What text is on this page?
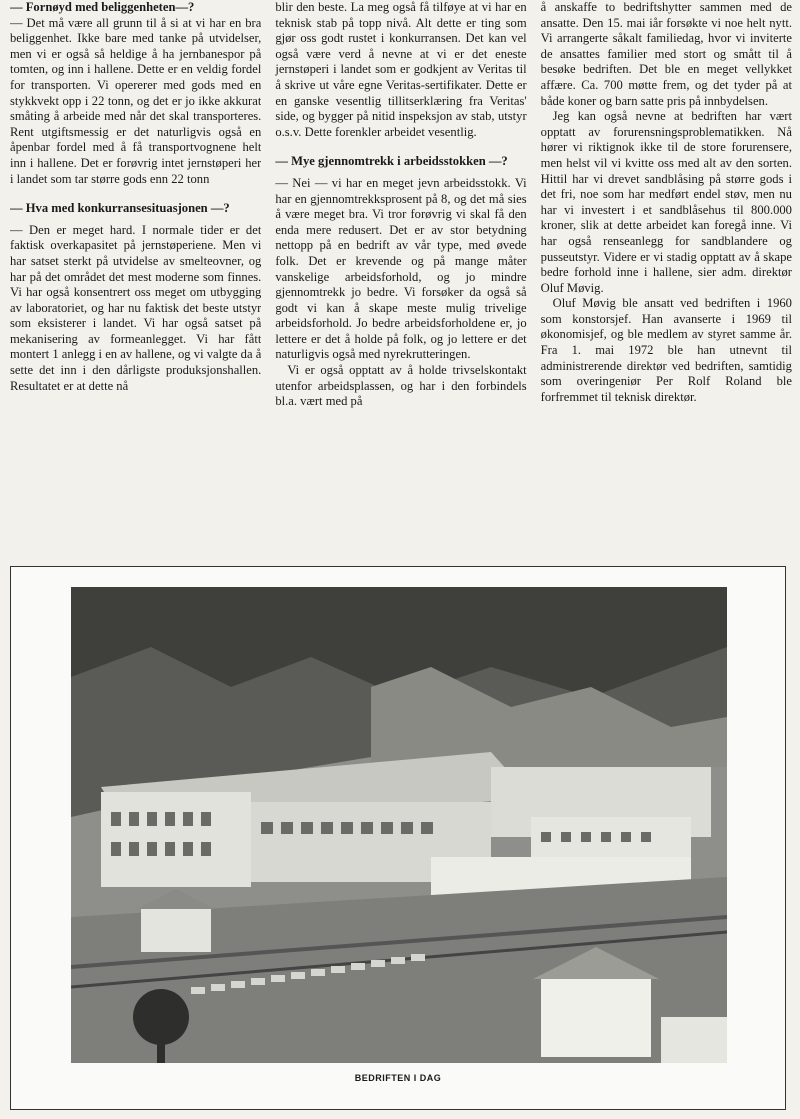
— Fornøyd med beliggenheten—?

— Det må være all grunn til å si at vi har en bra beliggenhet. Ikke bare med tanke på utvidelser, men vi er også så heldige å ha jernbanespor på tomten, og inn i hallene. Dette er en veldig fordel for transporten. Vi opererer med gods med en stykkvekt opp i 22 tonn, og det er jo ikke akkurat småting å arbeide med når det skal transporteres. Rent utgiftsmessig er det naturligvis også en åpenbar fordel med å få transportvognene helt inn i hallene. Det er forøvrig intet jernstøperi her i landet som tar større gods enn 22 tonn

— Hva med konkurransesituasjonen —?

— Den er meget hard. I normale tider er det faktisk overkapasitet på jernstøperiene. Men vi har satset sterkt på utvidelse av smelteovner, og har på det området det mest moderne som finnes. Vi har også konsentrert oss meget om utbygging av laboratoriet, og har nu faktisk det beste utstyr som eksisterer i landet. Vi har også satset på mekanisering av formeanlegget. Vi har fått montert 1 anlegg i en av hallene, og vi valgte da å sette det inn i den dårligste produksjonshallen. Resultatet er at dette nå

blir den beste. La meg også få tilføye at vi har en teknisk stab på topp nivå. Alt dette er ting som gjør oss godt rustet i konkurransen. Det kan vel også være verd å nevne at vi er det eneste jernstøperi i landet som er godkjent av Veritas til å skrive ut våre egne Veritas-sertifikater. Dette er en ganske vesentlig tillitserklæring fra Veritas' side, og bygger på nitid inspeksjon av stab, utstyr o.s.v. Dette forenkler arbeidet vesentlig.

— Mye gjennomtrekk i arbeidsstokken —?

— Nei — vi har en meget jevn arbeidsstokk. Vi har en gjennomtrekksprosent på 8, og det må sies å være meget bra. Vi tror forøvrig vi skal få den enda mere redusert. Det er av stor betydning nettopp på en bedrift av vår type, med øvede folk. Det er krevende og på mange måter vanskelige arbeidsforhold, og jo mindre gjennomtrekk jo bedre. Vi forsøker da også så godt vi kan å skape meste mulig trivelige arbeidsforhold. Jo bedre arbeidsforholdene er, jo lettere er det å holde på folk, og jo lettere er det naturligvis også med nyrekrutteringen.

Vi er også opptatt av å holde trivselskontakt utenfor arbeidsplassen, og har i den forbindels bl.a. vært med på

å anskaffe to bedriftshytter sammen med de ansatte. Den 15. mai iår forsøkte vi noe helt nytt. Vi arrangerte såkalt familiedag, hvor vi inviterte de ansattes familier med stort og smått til å besøke bedriften. Det ble en meget vellykket affære. Ca. 700 møtte frem, og det tyder på at både koner og barn satte pris på innbydelsen.

Jeg kan også nevne at bedriften har vært opptatt av forurensningsproblematikken. Nå hører vi riktignok ikke til de store forurensere, men helst vil vi kvitte oss med alt av den sorten. Hittil har vi drevet sandblåsing på større gods i det fri, noe som har medført endel støv, men nu har vi investert i et sandblåsehus til 800.000 kroner, slik at dette arbeidet kan foregå inne. Vi har også renseanlegg for sandblandere og pusseutstyr. Videre er vi stadig opptatt av å skape bedre forhold inne i hallene, sier adm. direktør Oluf Møvig.

Oluf Møvig ble ansatt ved bedriften i 1960 som konstorsjef. Han avanserte i 1969 til økonomisjef, og ble medlem av styret samme år. Fra 1. mai 1972 ble han utnevnt til administrerende direktør ved bedriften, samtidig som overingeniør Per Rolf Roland ble forfremmet til teknisk direktør.

BEDRIFTEN I DAG
